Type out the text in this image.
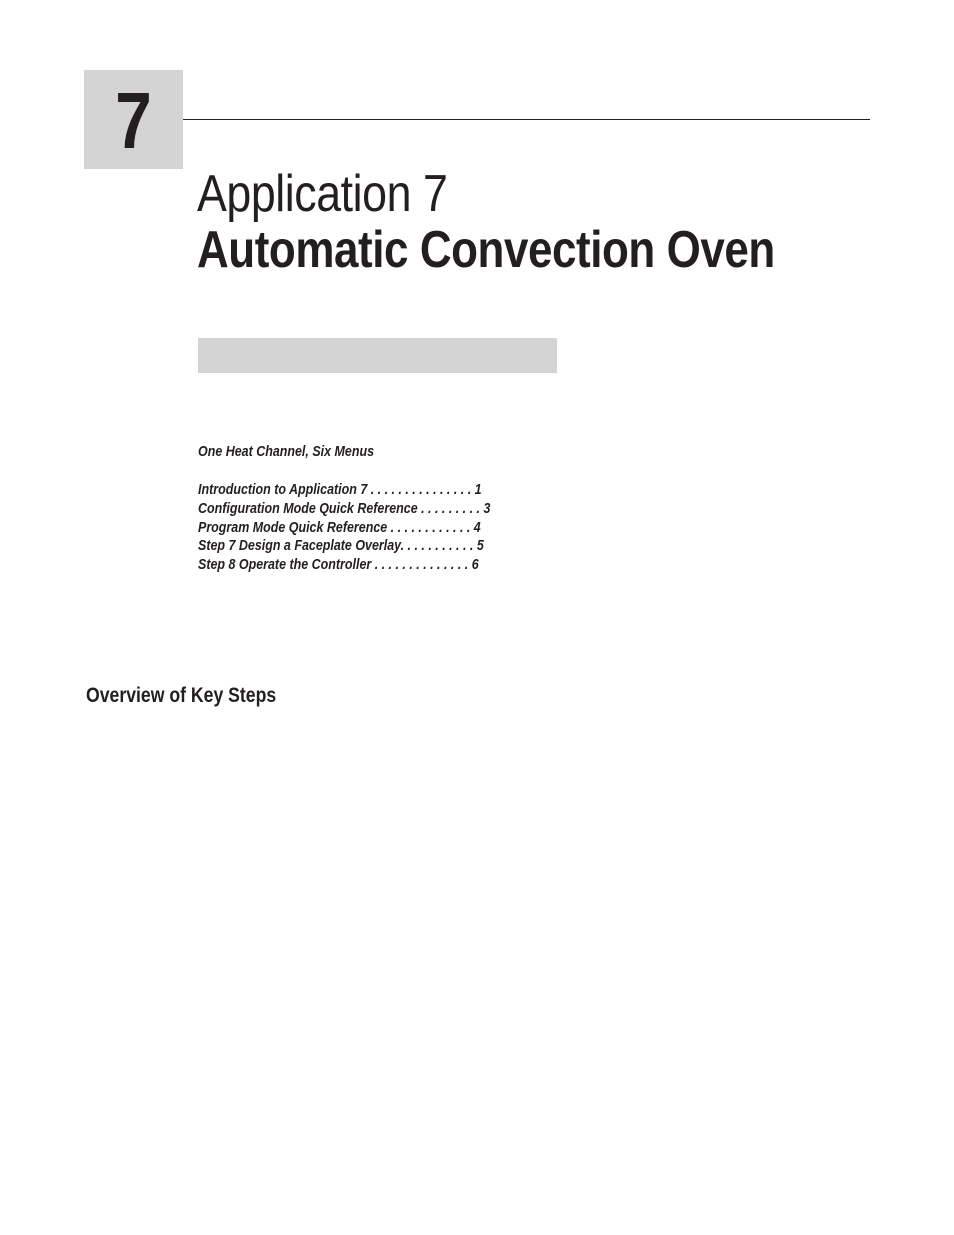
7
Application 7
Automatic Convection Oven
One Heat Channel, Six Menus
Introduction to Application 7 . . . . . . . . . . . . . . . 1
Configuration Mode Quick Reference . . . . . . . . . 3
Program Mode Quick Reference . . . . . . . . . . . . 4
Step 7 Design a Faceplate Overlay. . . . . . . . . . . 5
Step 8 Operate the Controller . . . . . . . . . . . . . . 6
Overview of Key Steps
